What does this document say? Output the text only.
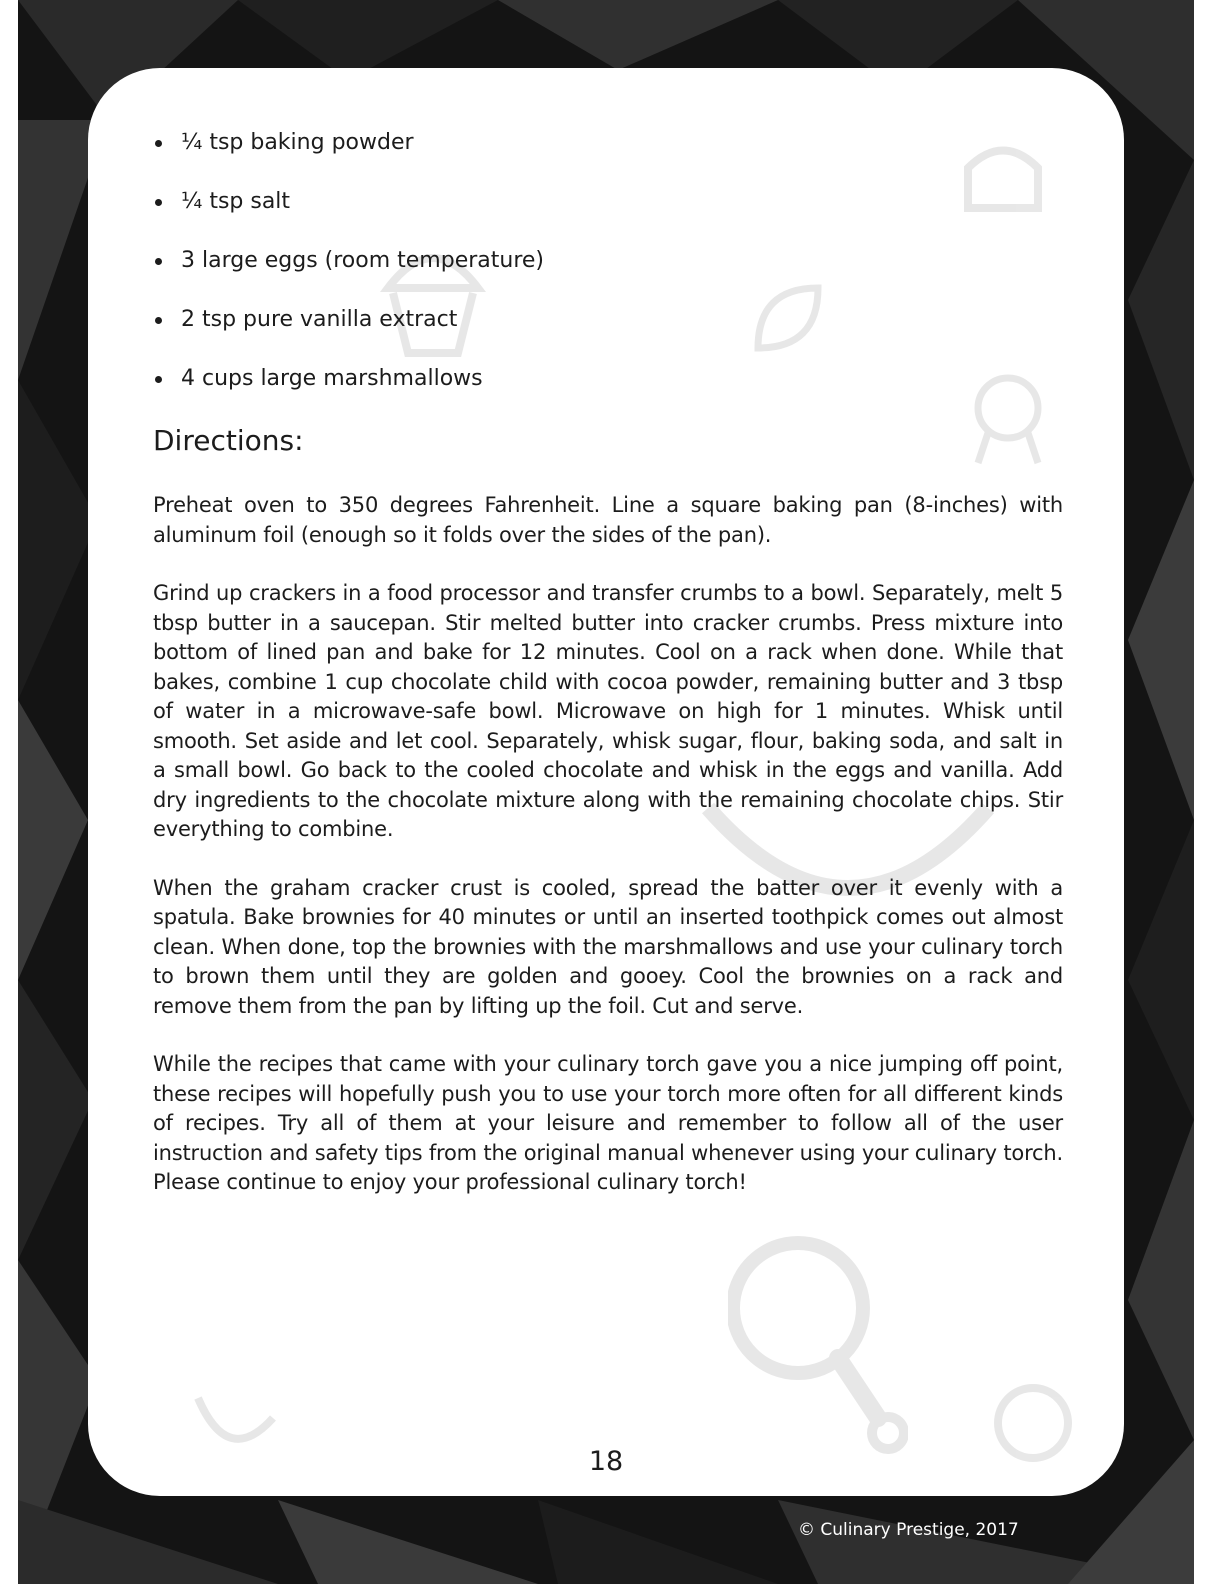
¼ tsp baking powder
¼ tsp salt
3 large eggs (room temperature)
2 tsp pure vanilla extract
4 cups large marshmallows
Directions:

Preheat oven to 350 degrees Fahrenheit. Line a square baking pan (8-inches) with aluminum foil (enough so it folds over the sides of the pan).

Grind up crackers in a food processor and transfer crumbs to a bowl. Separately, melt 5 tbsp butter in a saucepan. Stir melted butter into cracker crumbs. Press mixture into bottom of lined pan and bake for 12 minutes. Cool on a rack when done. While that bakes, combine 1 cup chocolate child with cocoa powder, remaining butter and 3 tbsp of water in a microwave-safe bowl. Microwave on high for 1 minutes. Whisk until smooth. Set aside and let cool. Separately, whisk sugar, flour, baking soda, and salt in a small bowl. Go back to the cooled chocolate and whisk in the eggs and vanilla. Add dry ingredients to the chocolate mixture along with the remaining chocolate chips. Stir everything to combine.

When the graham cracker crust is cooled, spread the batter over it evenly with a spatula. Bake brownies for 40 minutes or until an inserted toothpick comes out almost clean. When done, top the brownies with the marshmallows and use your culinary torch to brown them until they are golden and gooey. Cool the brownies on a rack and remove them from the pan by lifting up the foil. Cut and serve.

While the recipes that came with your culinary torch gave you a nice jumping off point, these recipes will hopefully push you to use your torch more often for all different kinds of recipes. Try all of them at your leisure and remember to follow all of the user instruction and safety tips from the original manual whenever using your culinary torch. Please continue to enjoy your professional culinary torch!

18
© Culinary Prestige, 2017
